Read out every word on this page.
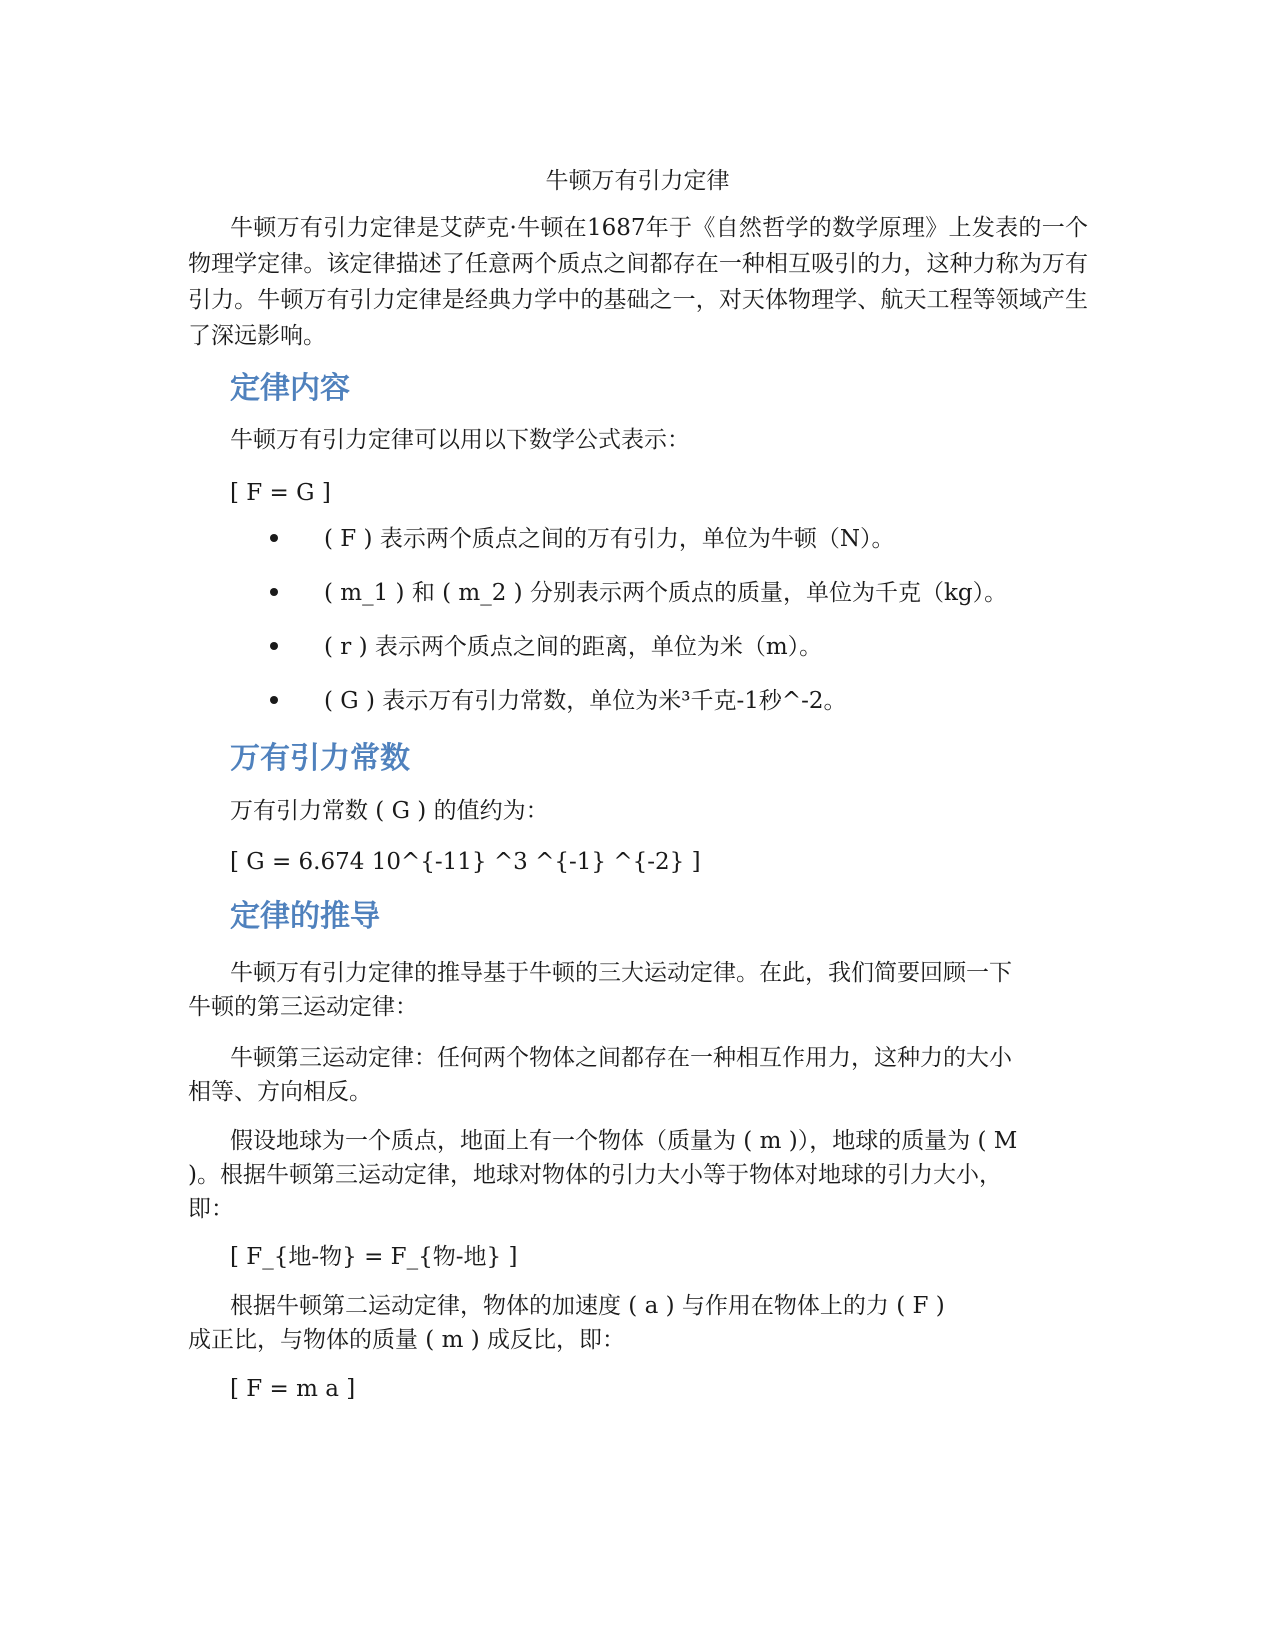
牛顿万有引力定律

牛顿万有引力定律是艾萨克·牛顿在1687年于《自然哲学的数学原理》上发表的一个物理学定律。该定律描述了任意两个质点之间都存在一种相互吸引的力，这种力称为万有引力。牛顿万有引力定律是经典力学中的基础之一，对天体物理学、航天工程等领域产生了深远影响。

定律内容
牛顿万有引力定律可以用以下数学公式表示：
[ F = G ]
( F ) 表示两个质点之间的万有引力，单位为牛顿（N）。
( m_1 ) 和 ( m_2 ) 分别表示两个质点的质量，单位为千克（kg）。
( r ) 表示两个质点之间的距离，单位为米（m）。
( G ) 表示万有引力常数，单位为米³千克-1秒^-2。
万有引力常数
万有引力常数 ( G ) 的值约为：
[ G = 6.674 10^{-11} ^3 ^{-1} ^{-2} ]
定律的推导
牛顿万有引力定律的推导基于牛顿的三大运动定律。在此，我们简要回顾一下
牛顿的第三运动定律：
牛顿第三运动定律：任何两个物体之间都存在一种相互作用力，这种力的大小
相等、方向相反。
假设地球为一个质点，地面上有一个物体（质量为 ( m )），地球的质量为 ( M
)。根据牛顿第三运动定律，地球对物体的引力大小等于物体对地球的引力大小，
即：
[ F_{地-物} = F_{物-地} ]
根据牛顿第二运动定律，物体的加速度 ( a ) 与作用在物体上的力 ( F )
成正比，与物体的质量 ( m ) 成反比，即：
[ F = m a ]
